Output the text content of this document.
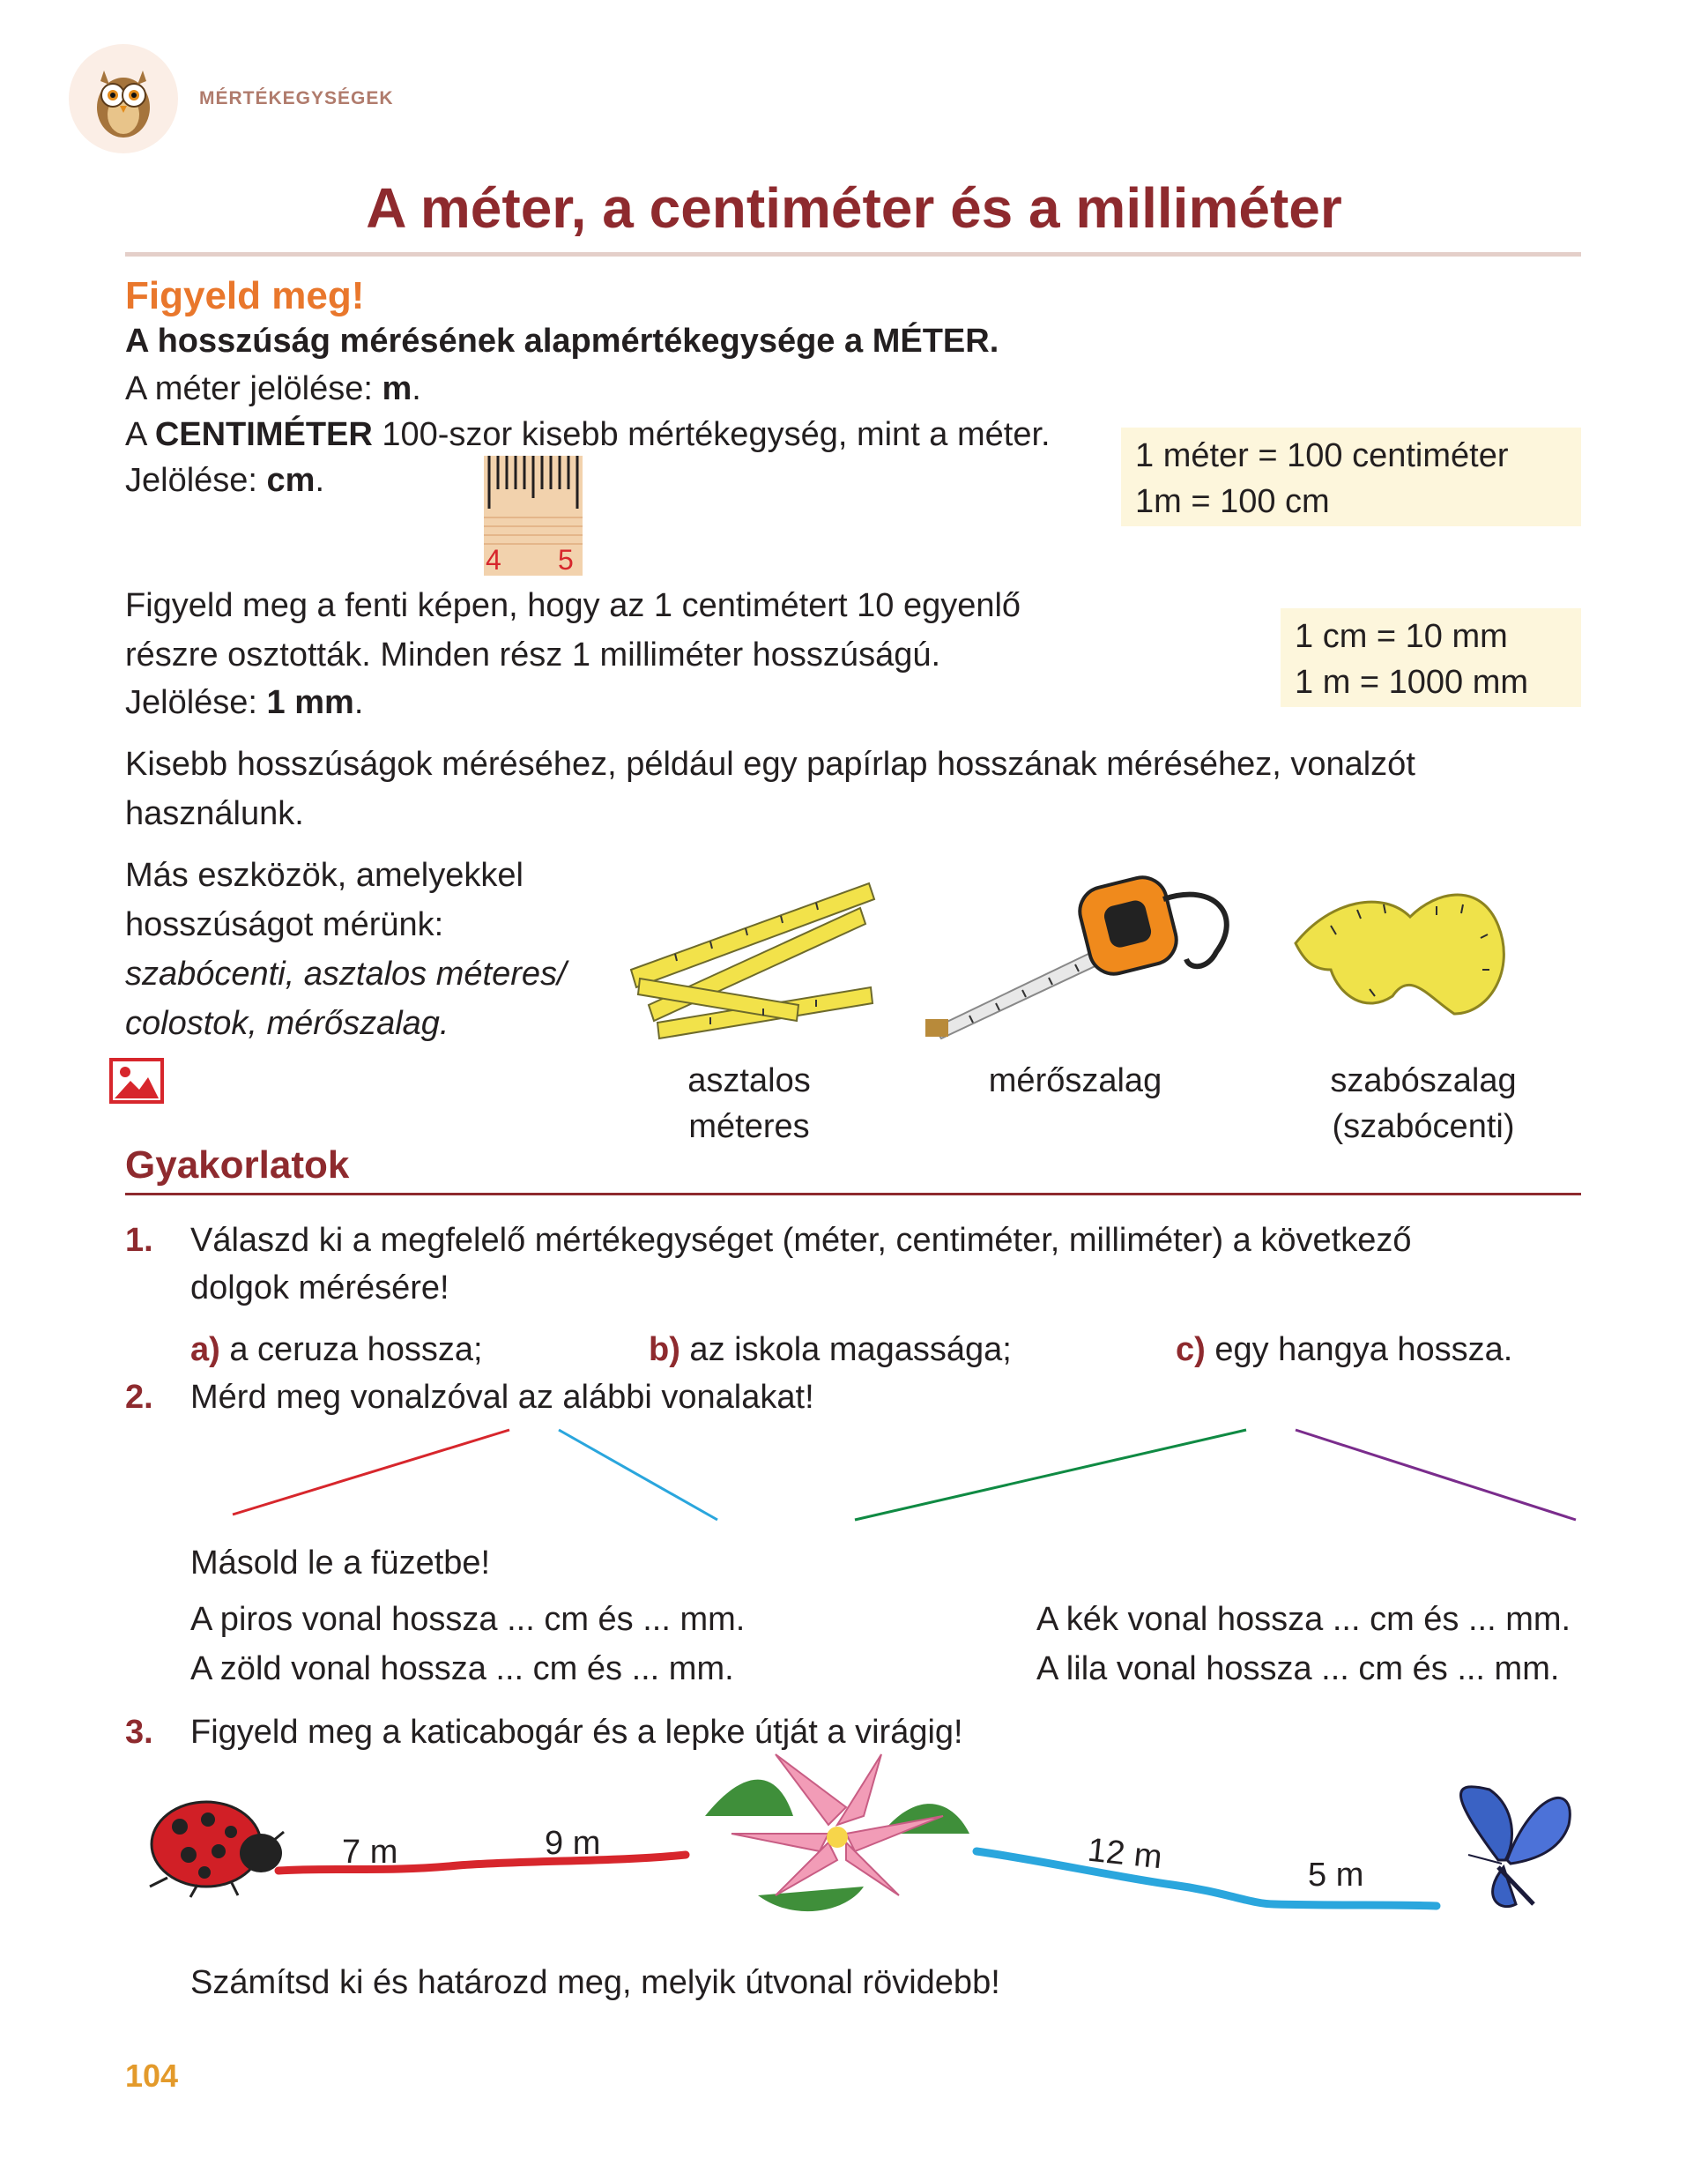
MÉRTÉKEGYSÉGEK
A méter, a centiméter és a milliméter
Figyeld meg!
A hosszúság mérésének alapmértékegysége a MÉTER.
A méter jelölése: m.
A CENTIMÉTER 100-szor kisebb mértékegység, mint a méter.
Jelölése: cm.
4 5
1 méter = 100 centiméter
1m = 100 cm
Figyeld meg a fenti képen, hogy az 1 centimétert 10 egyenlő
részre osztották. Minden rész 1 milliméter hosszúságú.
Jelölése: 1 mm.
1 cm = 10 mm
1 m = 1000 mm
Kisebb hosszúságok méréséhez, például egy papírlap hosszának méréséhez, vonalzót
használunk.
Más eszközök, amelyekkel
hosszúságot mérünk:
szabócenti, asztalos méteres/
colostok, mérőszalag.
asztalos
méteres
mérőszalag	szabószalag
(szabócenti)
Gyakorlatok
1. Válaszd ki a megfelelő mértékegységet (méter, centiméter, milliméter) a következő
dolgok mérésére!
a) a ceruza hossza;	b) az iskola magassága;	c) egy hangya hossza.
2. Mérd meg vonalzóval az alábbi vonalakat!
Másold le a füzetbe!
A piros vonal hossza ... cm és ... mm.
A zöld vonal hossza ... cm és ... mm.
A kék vonal hossza ... cm és ... mm.
A lila vonal hossza ... cm és ... mm.
3. Figyeld meg a katicabogár és a lepke útját a virágig!
7 m	9 m	12 m	5 m
Számítsd ki és határozd meg, melyik útvonal rövidebb!
104
